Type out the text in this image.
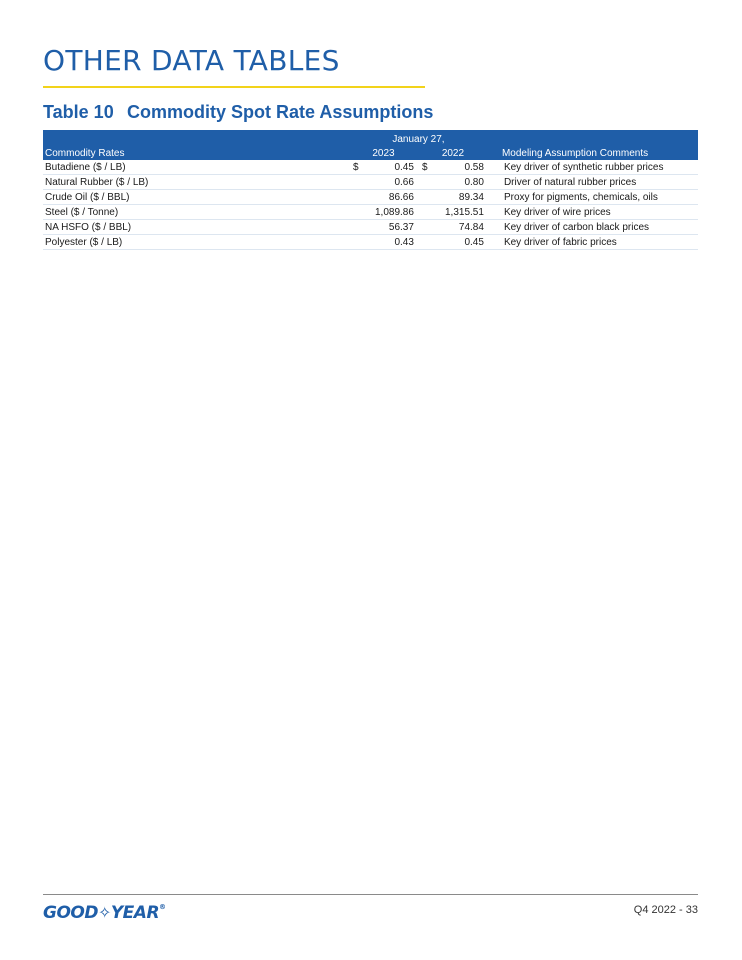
OTHER DATA TABLES
Table 10 Commodity Spot Rate Assumptions
	January 27,				
Commodity Rates	2023		2022		Modeling Assumption Comments
Butadiene ($ / LB)	$	0.45	$	0.58	Key driver of synthetic rubber prices
Natural Rubber ($ / LB)		0.66		0.80	Driver of natural rubber prices
Crude Oil ($ / BBL)		86.66		89.34	Proxy for pigments, chemicals, oils
Steel ($ / Tonne)		1,089.86		1,315.51	Key driver of wire prices
NA HSFO ($ / BBL)		56.37		74.84	Key driver of carbon black prices
Polyester ($ / LB)		0.43		0.45	Key driver of fabric prices
GOOD✧YEAR®	Q4 2022 - 33
